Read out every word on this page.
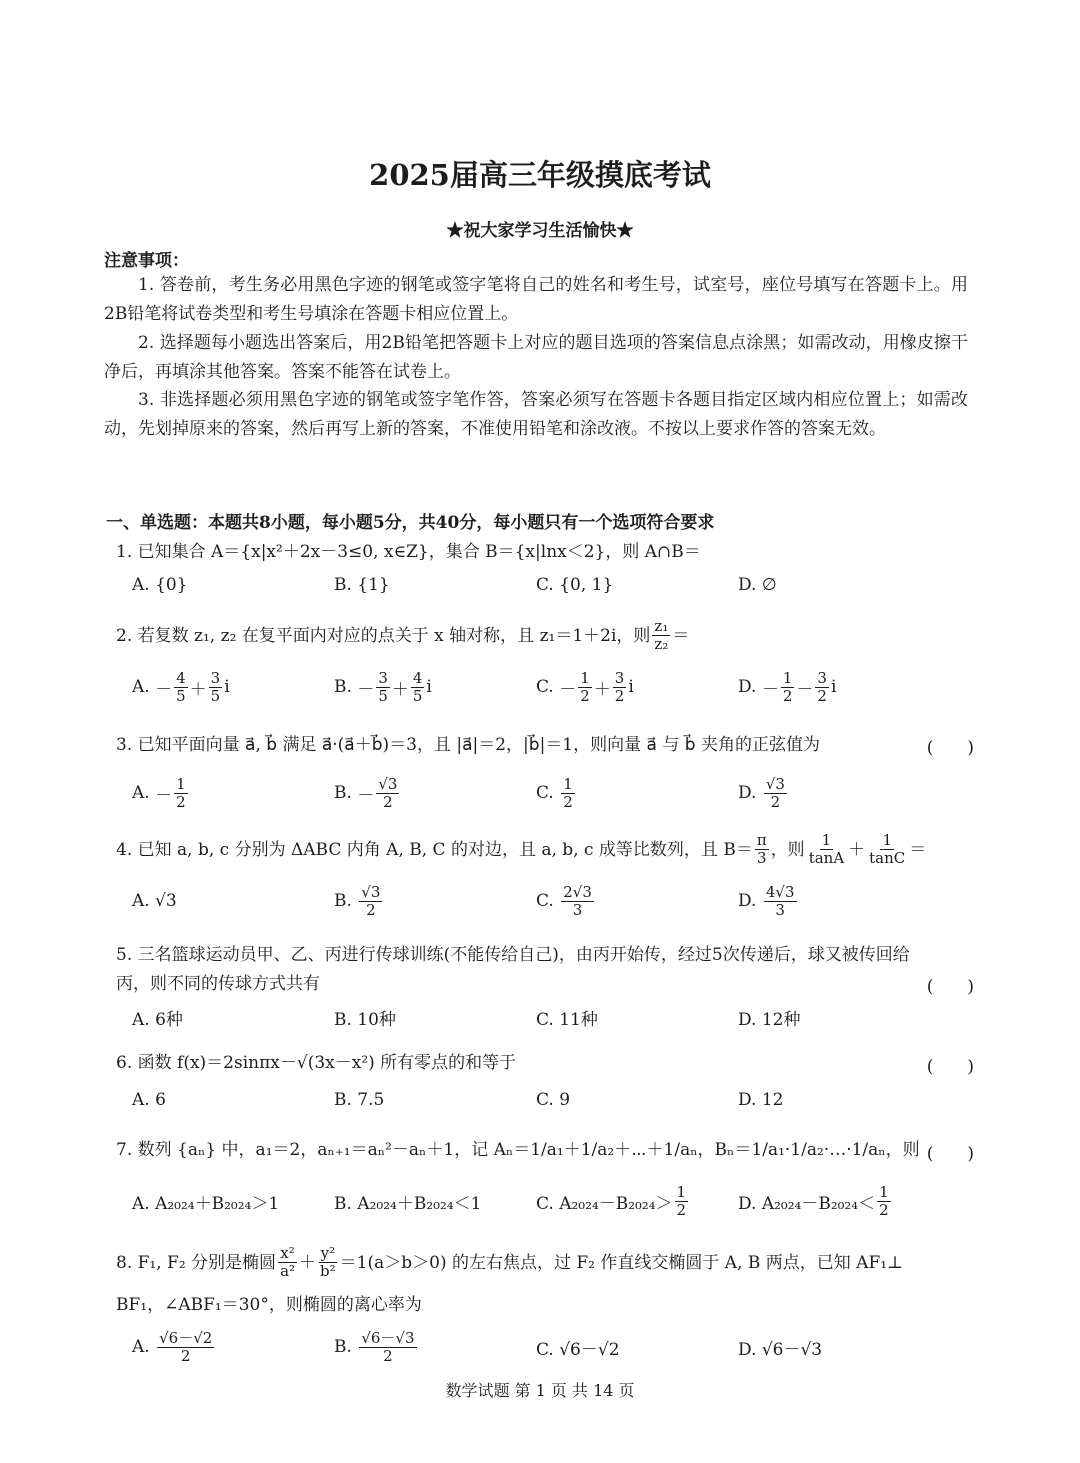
2025届高三年级摸底考试
★祝大家学习生活愉快★
注意事项：
1. 答卷前，考生务必用黑色字迹的钢笔或签字笔将自己的姓名和考生号，试室号，座位号填写在答题卡上。用2B铅笔将试卷类型和考生号填涂在答题卡相应位置上。
2. 选择题每小题选出答案后，用2B铅笔把答题卡上对应的题目选项的答案信息点涂黑；如需改动，用橡皮擦干净后，再填涂其他答案。答案不能答在试卷上。
3. 非选择题必须用黑色字迹的钢笔或签字笔作答，答案必须写在答题卡各题目指定区域内相应位置上；如需改动，先划掉原来的答案，然后再写上新的答案，不准使用铅笔和涂改液。不按以上要求作答的答案无效。
一、单选题：本题共8小题，每小题5分，共40分，每小题只有一个选项符合要求
1. 已知集合 A＝{x|x²＋2x－3≤0, x∈Z}，集合 B＝{x|lnx＜2}，则 A∩B＝
A. {0}	B. {1}	C. {0, 1}	D. ∅
2. 若复数 z₁, z₂ 在复平面内对应的点关于 x 轴对称，且 z₁＝1＋2i，则 $\frac{\text{z₁}}{\text{z₂}}$ ＝
A.
－ $\frac{4}{5} + \frac{3}{5}$ i	B.
－ $\frac{3}{5} + \frac{4}{5}$ i	C.
－ $\frac{1}{2} + \frac{3}{2}$ i	D.
－ $\frac{1}{2} - \frac{3}{2}$ i
3. 已知平面向量 a⃗, b⃗ 满足 a⃗·(a⃗＋b⃗)＝3，且 |a⃗|＝2，|b⃗|＝1，则向量 a⃗ 与 b⃗ 夹角的正弦值为	(　　)
A.
－ $\frac{1}{2}$	B.
－ $\frac{√3}{2}$	C.
$\frac{1}{2}$	D.
$\frac{√3}{2}$
4. 已知 a, b, c 分别为 ΔABC 内角 A, B, C 的对边，且 a, b, c 成等比数列，且 $B= \frac{\pi}{3}$ ，则 $\frac{1}{\tan A} + \frac{1}{\tan C}$ ＝
A. √3	B.
$\frac{√3}{2}$	C.
$\frac{2√3}{3}$	D.
$\frac{4√3}{3}$
5. 三名篮球运动员甲、乙、丙进行传球训练(不能传给自己)，由丙开始传，经过5次传递后，球又被传回给
丙，则不同的传球方式共有	(　　)
A. 6种	B. 10种	C. 11种	D. 12种
6. 函数 f(x)＝2sinπx－√(3x－x²) 所有零点的和等于	(　　)
A. 6	B. 7.5	C. 9	D. 12
7. 数列 {aₙ} 中，a₁＝2，aₙ₊₁＝aₙ²－aₙ＋1，记 Aₙ＝1/a₁＋1/a₂＋⋯＋1/aₙ，Bₙ＝1/a₁·1/a₂·…·1/aₙ，则 (　　)
A. A₂₀₂₄＋B₂₀₂₄＞1	B. A₂₀₂₄＋B₂₀₂₄＜1	C. $A_{2024}-B_{2024}> \frac{1}{2}$	D. $A_{2024}-B_{2024}< \frac{1}{2}$
8. F₁, F₂ 分别是椭圆 $\frac{\text{x²}}{\text{a²}} + \frac{\text{y²}}{\text{b²}} =1(a>b>0)$ 的左右焦点，过 F₂ 作直线交椭圆于 A, B 两点，已知 AF₁⊥
BF₁，∠ABF₁＝30°，则椭圆的离心率为
A.
$\frac{√6-√2}{2}$	B.
$\frac{√6-√3}{2}$	C. √6－√2	D. √6－√3
数学试题 第 1 页 共 14 页
